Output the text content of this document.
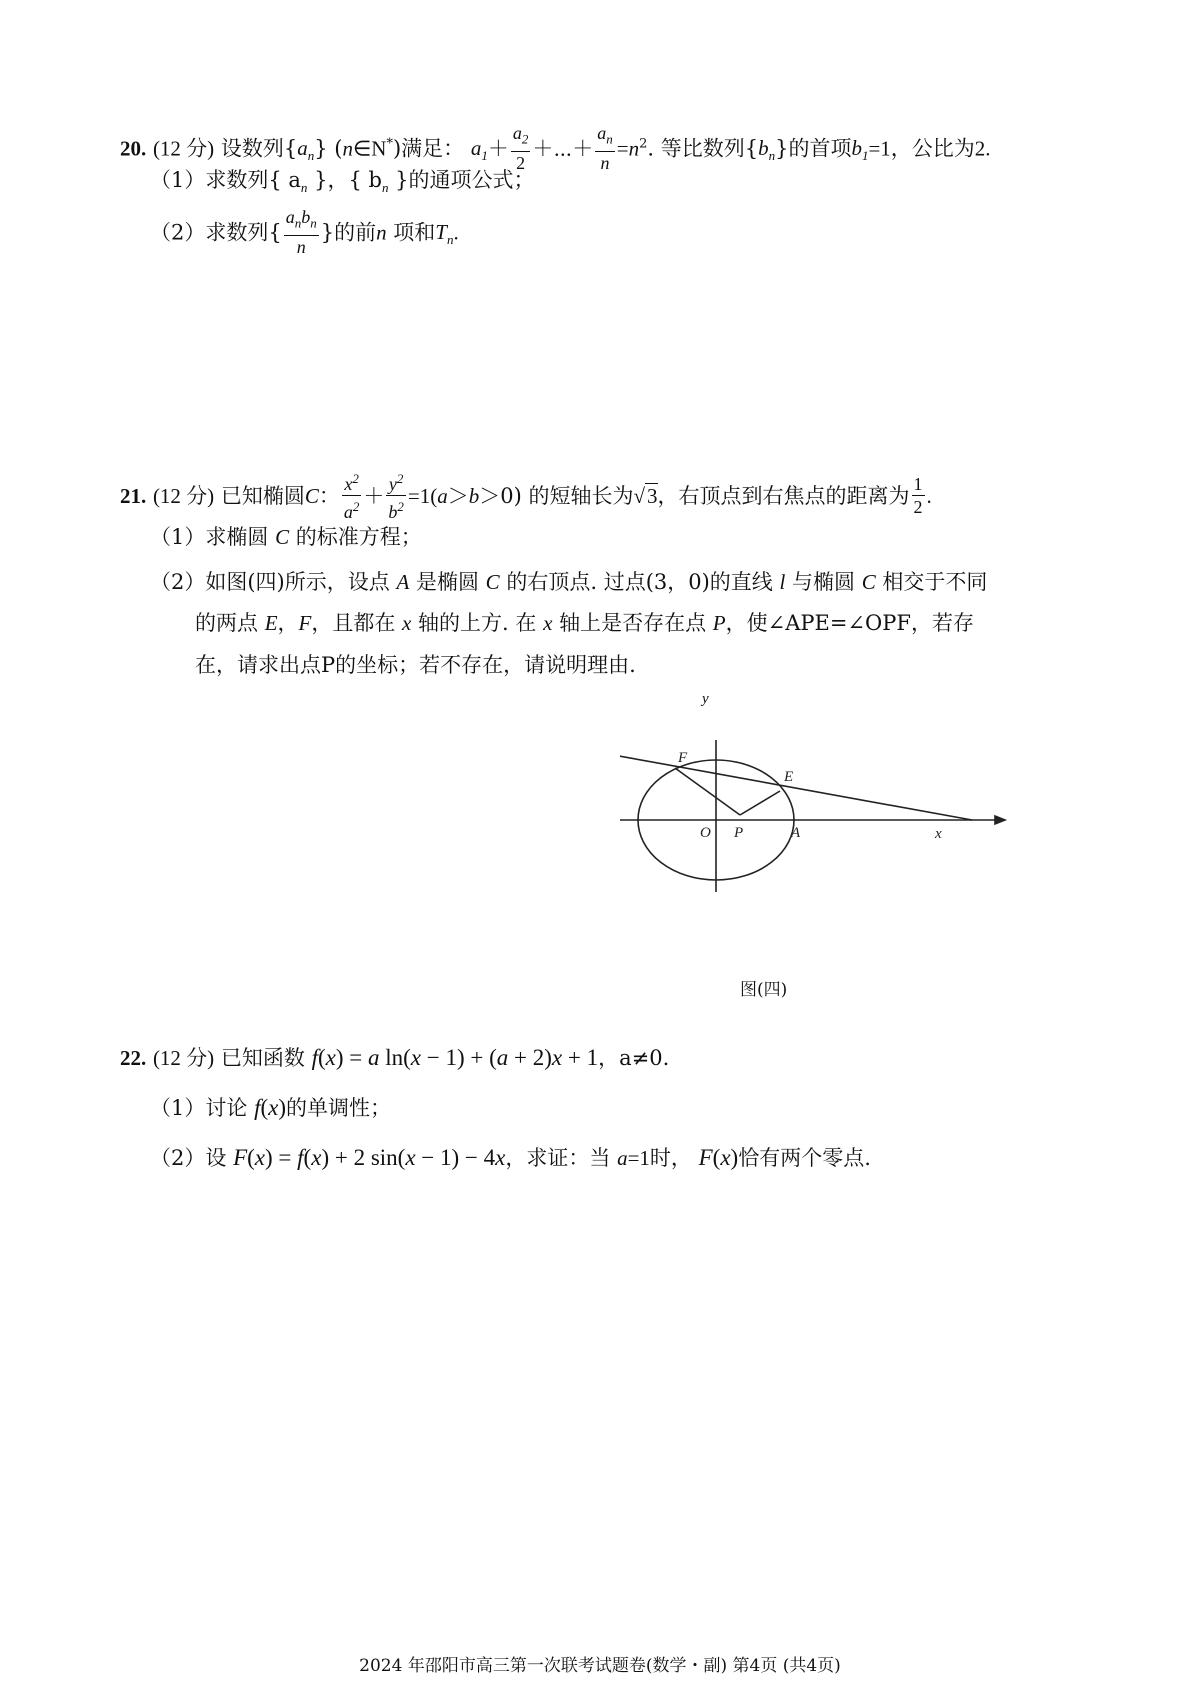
20. (12 分) 设数列$\{a_n\}$ (n∈N*)满足： $a_1+ \frac{a_2}{2}$ ＋⋯＋ $\frac{a_n}{n} =n^2$. 等比数列$\{b_n\}$的首项$b_1=1$，公比为2.
（1）求数列{ $a_n$ }，{ $b_n$ }的通项公式；
（2）求数列{ $\frac{a_nb_n}{n}$ }的前n 项和$T_n$.
21. (12 分) 已知椭圆C： $\frac{x^2}{a^2} + \frac{y^2}{b^2} =1(a>b>0)$ 的短轴长为√3，右顶点到右焦点的距离为 $\frac{1}{2}$ .
（1）求椭圆 C 的标准方程；
（2）如图(四)所示，设点 A 是椭圆 C 的右顶点. 过点(3，0)的直线 l 与椭圆 C 相交于不同
的两点 E，F，且都在 x 轴的上方. 在 x 轴上是否存在点 P，使∠APE=∠OPF，若存
在，请求出点P的坐标；若不存在，请说明理由.
F
E
O P	A	x
y
图(四)
22. (12 分) 已知函数 f(x) = a ln(x − 1) + (a + 2)x + 1，a≠0.
（1）讨论 f(x)的单调性；
（2）设 F(x) = f(x) + 2 sin(x − 1) − 4x，求证：当 a=1时， F(x)恰有两个零点.
2024 年邵阳市高三第一次联考试题卷(数学・副) 第4页 (共4页)
